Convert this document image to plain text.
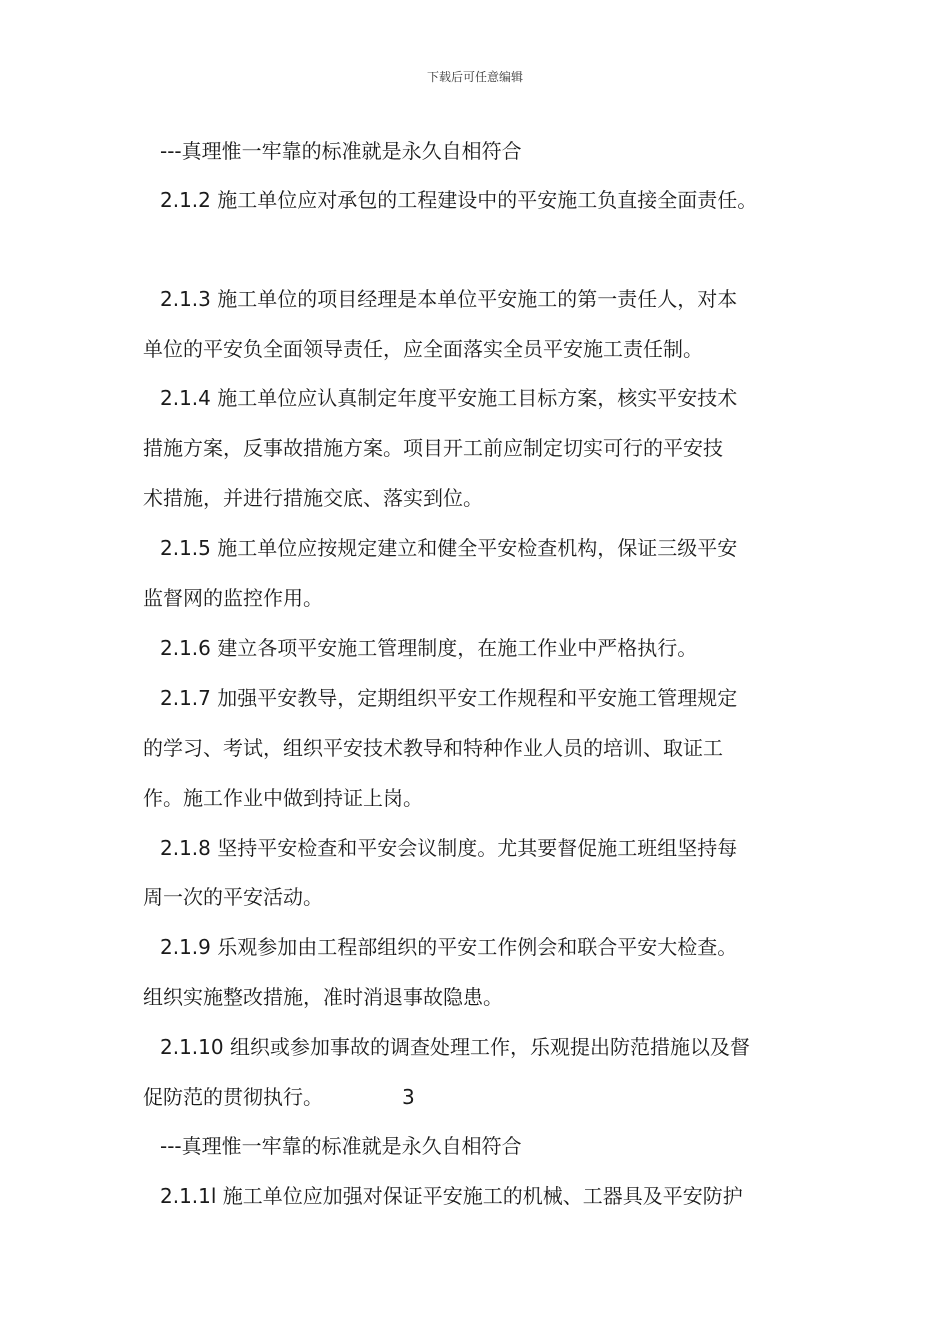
下载后可任意编辑
---真理惟一牢靠的标准就是永久自相符合
2.1.2 施工单位应对承包的工程建设中的平安施工负直接全面责任。
2.1.3 施工单位的项目经理是本单位平安施工的第一责任人，对本
单位的平安负全面领导责任，应全面落实全员平安施工责任制。
2.1.4 施工单位应认真制定年度平安施工目标方案，核实平安技术
措施方案，反事故措施方案。项目开工前应制定切实可行的平安技
术措施，并进行措施交底、落实到位。
2.1.5 施工单位应按规定建立和健全平安检查机构，保证三级平安
监督网的监控作用。
2.1.6 建立各项平安施工管理制度，在施工作业中严格执行。
2.1.7 加强平安教导，定期组织平安工作规程和平安施工管理规定
的学习、考试，组织平安技术教导和特种作业人员的培训、取证工
作。施工作业中做到持证上岗。
2.1.8 坚持平安检查和平安会议制度。尤其要督促施工班组坚持每
周一次的平安活动。
2.1.9 乐观参加由工程部组织的平安工作例会和联合平安大检查。
组织实施整改措施，准时消退事故隐患。
2.1.10 组织或参加事故的调查处理工作，乐观提出防范措施以及督
促防范的贯彻执行。	3
---真理惟一牢靠的标准就是永久自相符合
2.1.1l 施工单位应加强对保证平安施工的机械、工器具及平安防护
